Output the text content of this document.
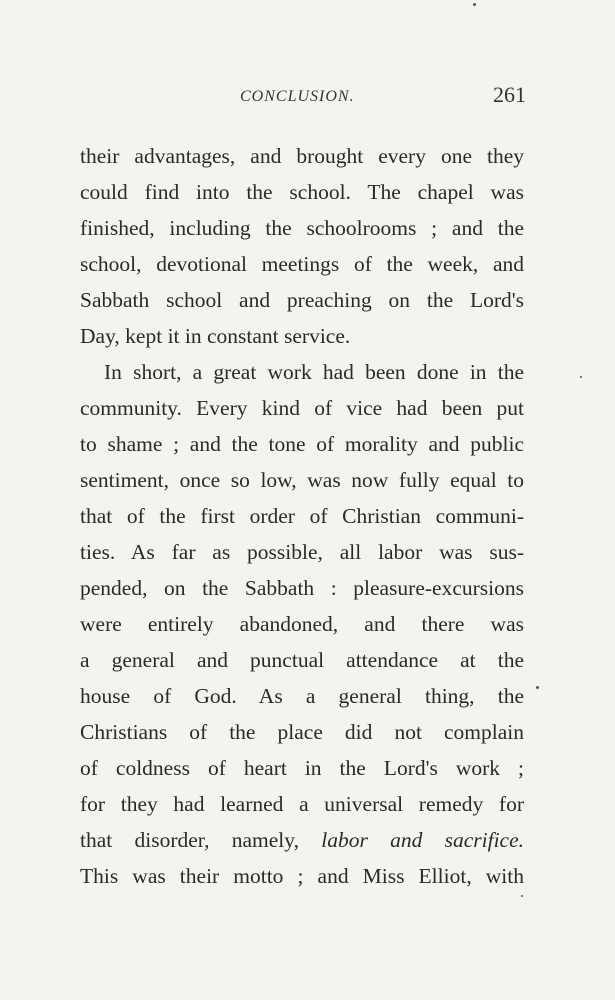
CONCLUSION.	261
their advantages, and brought every one they
could find into the school. The chapel was
finished, including the schoolrooms ; and the
school, devotional meetings of the week, and
Sabbath school and preaching on the Lord's
Day, kept it in constant service.
In short, a great work had been done in the
community. Every kind of vice had been put
to shame ; and the tone of morality and public
sentiment, once so low, was now fully equal to
that of the first order of Christian communi-
ties. As far as possible, all labor was sus-
pended, on the Sabbath : pleasure-excursions
were entirely abandoned, and there was
a general and punctual attendance at the
house of God. As a general thing, the
Christians of the place did not complain
of coldness of heart in the Lord's work ;
for they had learned a universal remedy for
that disorder, namely, labor and sacrifice.
This was their motto ; and Miss Elliot, with
